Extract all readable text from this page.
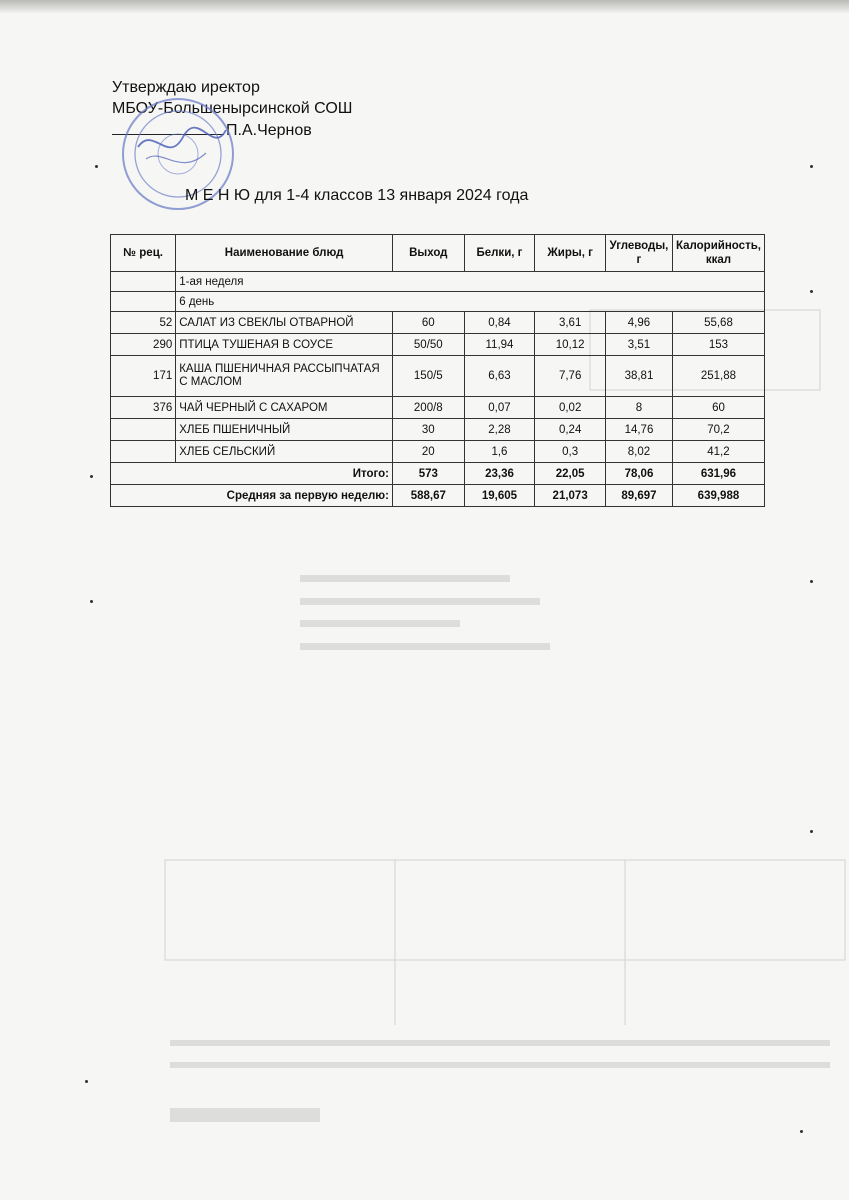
Утверждаю иректор
МБОУ-Большенырсинской СОШ
П.А.Чернов
М Е Н Ю для 1-4 классов 13 января 2024 года
№ рец.	Наименование блюд	Выход	Белки, г	Жиры, г	Углеводы, г	Калорийность, ккал
	1-ая неделя					
	6 день					
52	САЛАТ ИЗ СВЕКЛЫ ОТВАРНОЙ	60	0,84	3,61	4,96	55,68
290	ПТИЦА ТУШЕНАЯ В СОУСЕ	50/50	11,94	10,12	3,51	153
171	КАША ПШЕНИЧНАЯ РАССЫПЧАТАЯ С МАСЛОМ	150/5	6,63	7,76	38,81	251,88
376	ЧАЙ ЧЕРНЫЙ С САХАРОМ	200/8	0,07	0,02	8	60
	ХЛЕБ ПШЕНИЧНЫЙ	30	2,28	0,24	14,76	70,2
	ХЛЕБ СЕЛЬСКИЙ	20	1,6	0,3	8,02	41,2
Итого:		573	23,36	22,05	78,06	631,96
Средняя за первую неделю:		588,67	19,605	21,073	89,697	639,988
